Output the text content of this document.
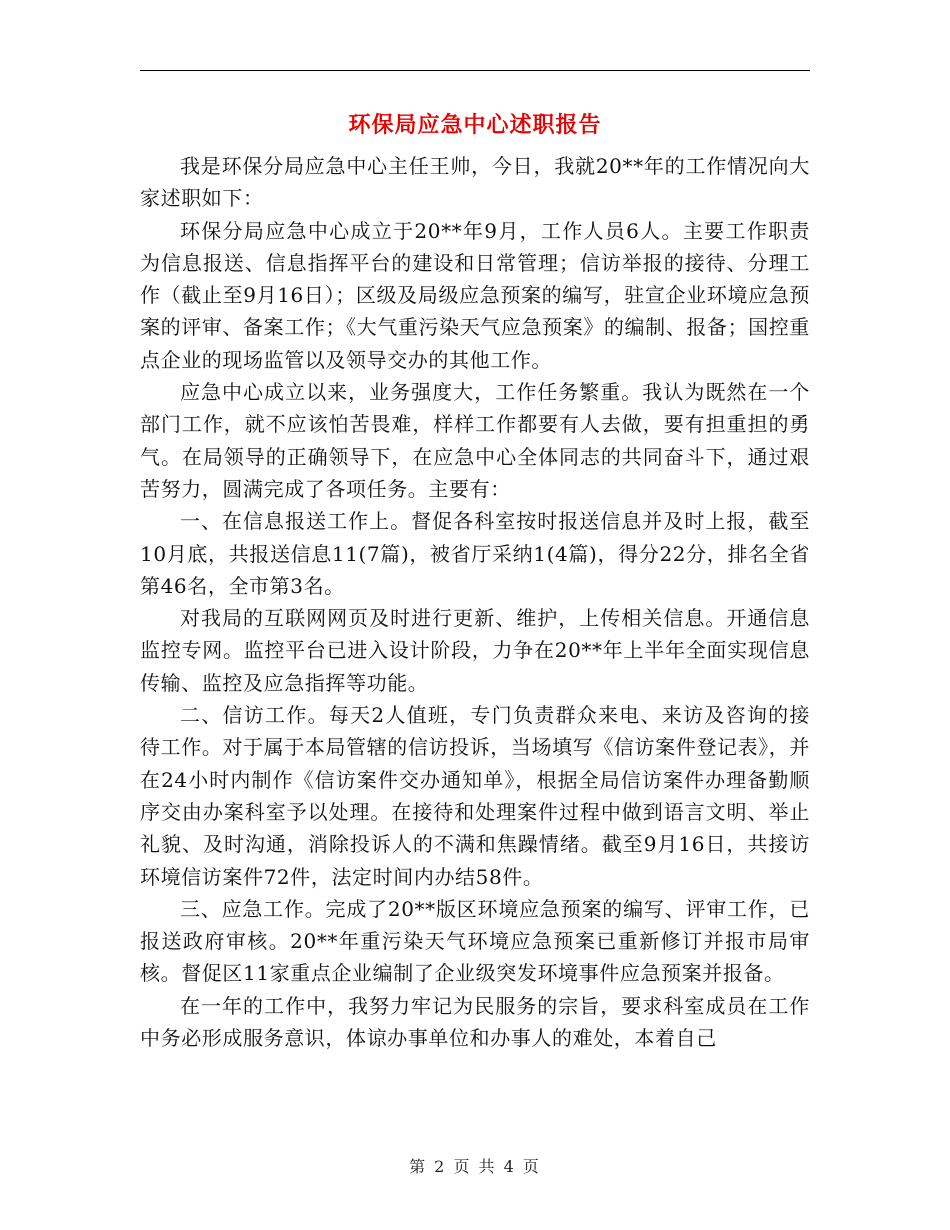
环保局应急中心述职报告

我是环保分局应急中心主任王帅，今日，我就20**年的工作情况向大家述职如下：

环保分局应急中心成立于20**年9月，工作人员6人。主要工作职责为信息报送、信息指挥平台的建设和日常管理；信访举报的接待、分理工作（截止至9月16日）；区级及局级应急预案的编写，驻宣企业环境应急预案的评审、备案工作；《大气重污染天气应急预案》的编制、报备；国控重点企业的现场监管以及领导交办的其他工作。

应急中心成立以来，业务强度大，工作任务繁重。我认为既然在一个部门工作，就不应该怕苦畏难，样样工作都要有人去做，要有担重担的勇气。在局领导的正确领导下，在应急中心全体同志的共同奋斗下，通过艰苦努力，圆满完成了各项任务。主要有：

一、在信息报送工作上。督促各科室按时报送信息并及时上报，截至10月底，共报送信息11(7篇)，被省厅采纳1(4篇)，得分22分，排名全省第46名，全市第3名。

对我局的互联网网页及时进行更新、维护，上传相关信息。开通信息监控专网。监控平台已进入设计阶段，力争在20**年上半年全面实现信息传输、监控及应急指挥等功能。

二、信访工作。每天2人值班，专门负责群众来电、来访及咨询的接待工作。对于属于本局管辖的信访投诉，当场填写《信访案件登记表》，并在24小时内制作《信访案件交办通知单》，根据全局信访案件办理备勤顺序交由办案科室予以处理。在接待和处理案件过程中做到语言文明、举止礼貌、及时沟通，消除投诉人的不满和焦躁情绪。截至9月16日，共接访环境信访案件72件，法定时间内办结58件。

三、应急工作。完成了20**版区环境应急预案的编写、评审工作，已报送政府审核。20**年重污染天气环境应急预案已重新修订并报市局审核。督促区11家重点企业编制了企业级突发环境事件应急预案并报备。

在一年的工作中，我努力牢记为民服务的宗旨，要求科室成员在工作中务必形成服务意识，体谅办事单位和办事人的难处，本着自己

第 2 页 共 4 页
